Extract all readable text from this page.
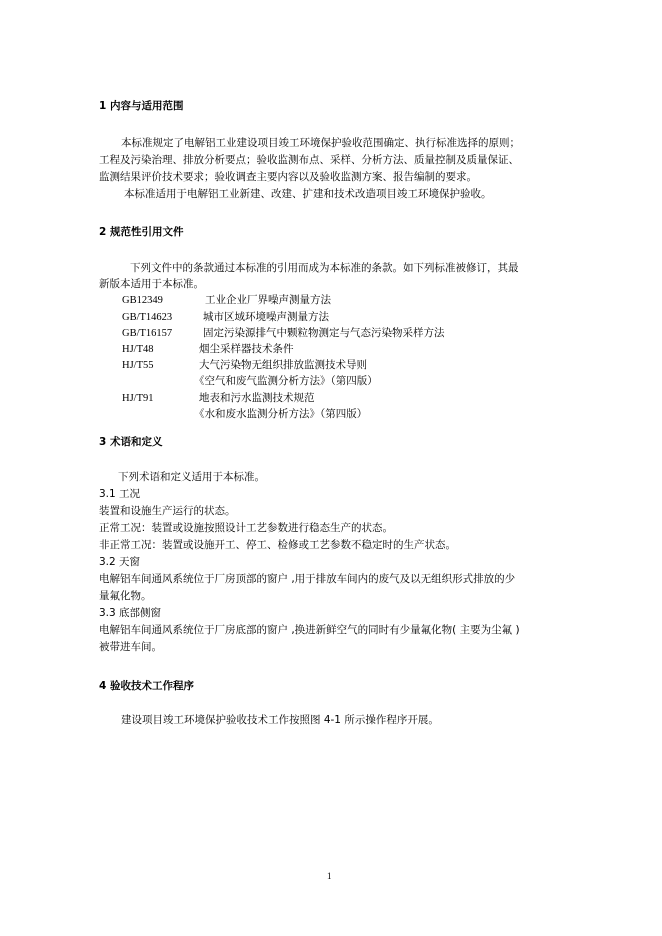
1 内容与适用范围
本标准规定了电解铝工业建设项目竣工环境保护验收范围确定、执行标准选择的原则；
工程及污染治理、排放分析要点；验收监测布点、采样、分析方法、质量控制及质量保证、
监测结果评价技术要求；验收调查主要内容以及验收监测方案、报告编制的要求。
本标准适用于电解铝工业新建、改建、扩建和技术改造项目竣工环境保护验收。
2 规范性引用文件
下列文件中的条款通过本标准的引用而成为本标准的条款。如下列标准被修订，其最
新版本适用于本标准。
GB12349	工业企业厂界噪声测量方法
GB/T14623	城市区域环境噪声测量方法
GB/T16157	固定污染源排气中颗粒物测定与气态污染物采样方法
HJ/T48	烟尘采样器技术条件
HJ/T55	大气污染物无组织排放监测技术导则
《空气和废气监测分析方法》（第四版）
HJ/T91	地表和污水监测技术规范
《水和废水监测分析方法》（第四版）
3 术语和定义
下列术语和定义适用于本标准。
3.1 工况
装置和设施生产运行的状态。
正常工况：装置或设施按照设计工艺参数进行稳态生产的状态。
非正常工况：装置或设施开工、停工、检修或工艺参数不稳定时的生产状态。
3.2 天窗
电解铝车间通风系统位于厂房顶部的窗户 ,用于排放车间内的废气及以无组织形式排放的少
量氟化物。
3.3 底部侧窗
电解铝车间通风系统位于厂房底部的窗户 ,换进新鲜空气的同时有少量氟化物( 主要为尘氟 )
被带进车间。
4 验收技术工作程序
建设项目竣工环境保护验收技术工作按照图 4-1 所示操作程序开展。
1
